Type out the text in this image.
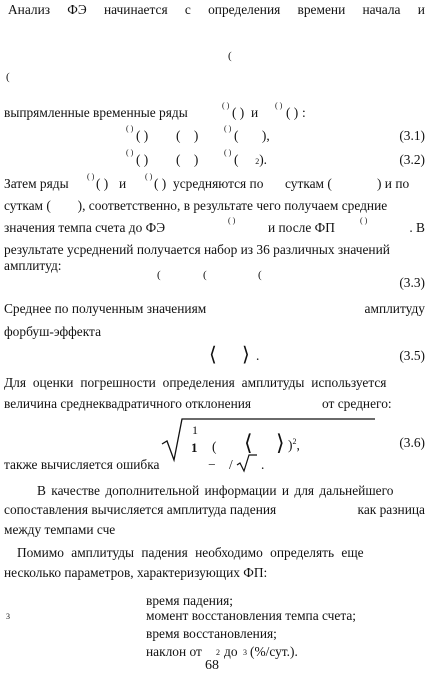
Анализ ФЭ начинается с определения времени начала и
(
(
выпрямленные временные ряды	( ) ( ) и ( ) ( ) :
( ) ( ) (    )	( ) (       ),	(3.1)
( ) ( ) (    )	( ) (     2).	(3.2)
Затем ряды ( ) ( ) и ( ) ( ) усредняются по суткам (	) и по
суткам (        ), соответственно, в результате чего получаем средние
значения темпа счета до ФЭ	( ) и после ФП	( )	. В
результате усреднений получается набор из 36 различных значений
амплитуд:
(	(	(	(3.3)
Среднее по полученным значениям	амплитуду
форбуш-эффекта
⟨ ⟩ .	(3.5)
Для оценки погрешности определения амплитуды используется
величина среднеквадратичного отклонения	от среднего:
1
1 ( ⟨ ⟩ )$^2$,	(3.6)
также вычисляется ошибка	− / .
В качестве дополнительной информации и для дальнейшего
сопоставления вычисляется амплитуда падения	как разница
между темпами сче
Помимо амплитуды падения необходимо определять еще
несколько параметров, характеризующих ФП:
время падения;
3	момент восстановления темпа счета;
время восстановления;
наклон от 2 до 3 (%/сут.).
68
